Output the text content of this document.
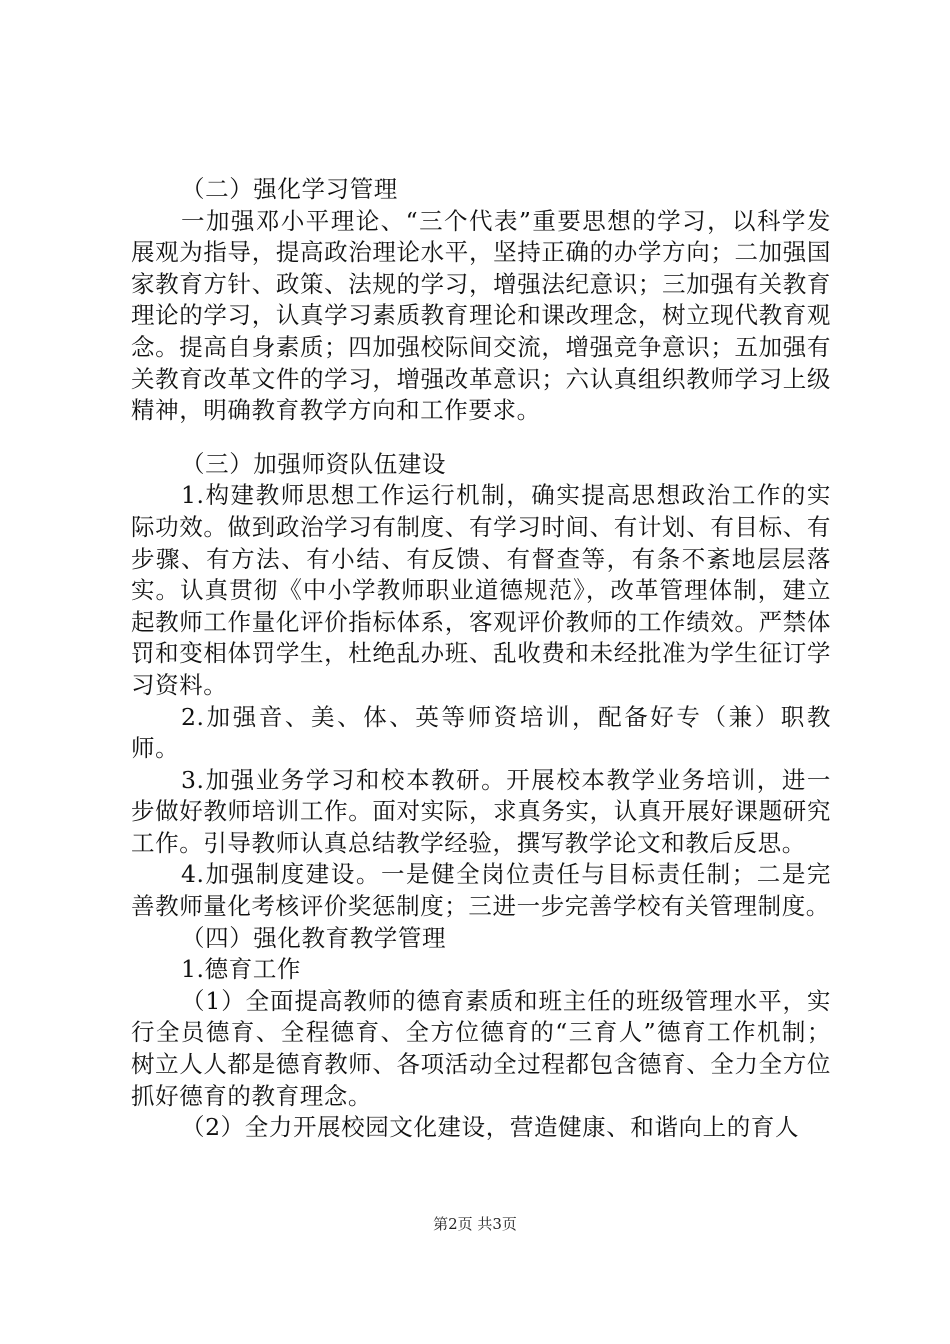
（二）强化学习管理

一加强邓小平理论、“三个代表”重要思想的学习，以科学发展观为指导，提高政治理论水平，坚持正确的办学方向；二加强国家教育方针、政策、法规的学习，增强法纪意识；三加强有关教育理论的学习，认真学习素质教育理论和课改理念，树立现代教育观念。提高自身素质；四加强校际间交流，增强竞争意识；五加强有关教育改革文件的学习，增强改革意识；六认真组织教师学习上级精神，明确教育教学方向和工作要求。

（三）加强师资队伍建设

1.构建教师思想工作运行机制，确实提高思想政治工作的实际功效。做到政治学习有制度、有学习时间、有计划、有目标、有步骤、有方法、有小结、有反馈、有督查等，有条不紊地层层落实。认真贯彻《中小学教师职业道德规范》，改革管理体制，建立起教师工作量化评价指标体系，客观评价教师的工作绩效。严禁体罚和变相体罚学生，杜绝乱办班、乱收费和未经批准为学生征订学习资料。

2.加强音、美、体、英等师资培训，配备好专（兼）职教师。

3.加强业务学习和校本教研。开展校本教学业务培训，进一步做好教师培训工作。面对实际，求真务实，认真开展好课题研究工作。引导教师认真总结教学经验，撰写教学论文和教后反思。

4.加强制度建设。一是健全岗位责任与目标责任制；二是完善教师量化考核评价奖惩制度；三进一步完善学校有关管理制度。

（四）强化教育教学管理

1.德育工作

（1）全面提高教师的德育素质和班主任的班级管理水平，实行全员德育、全程德育、全方位德育的“三育人”德育工作机制；树立人人都是德育教师、各项活动全过程都包含德育、全力全方位抓好德育的教育理念。

（2）全力开展校园文化建设，营造健康、和谐向上的育人

第2页 共3页
